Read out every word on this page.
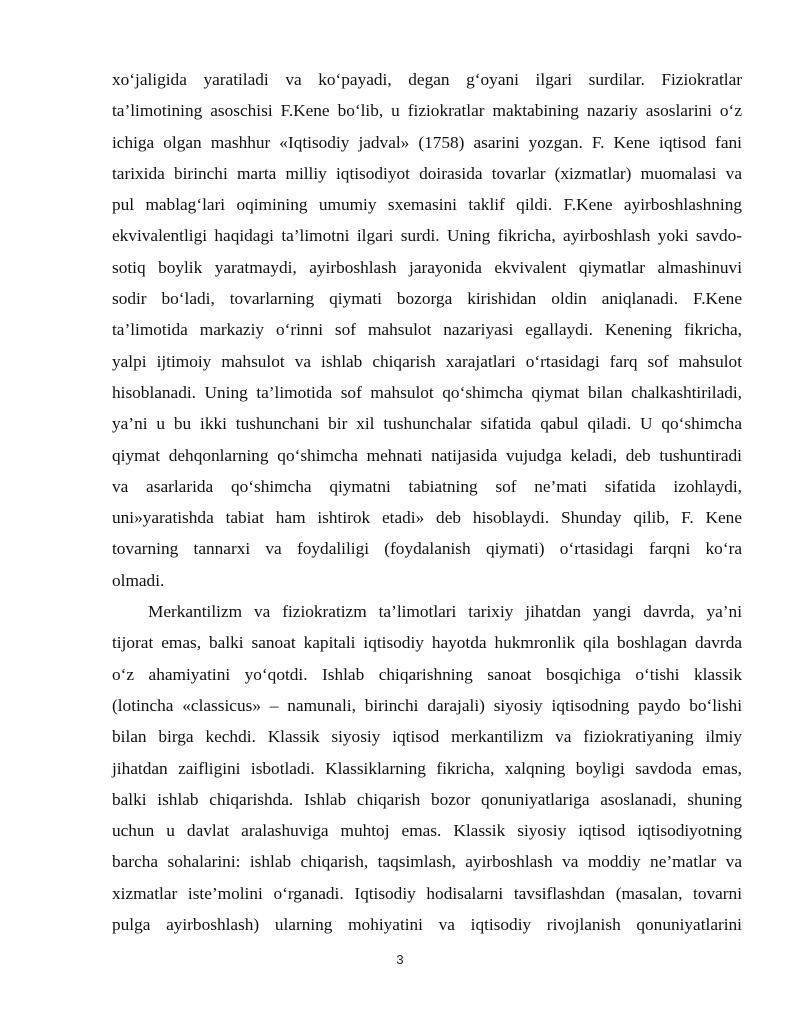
xo‘jaligida yaratiladi va ko‘payadi, degan g‘oyani ilgari surdilar. Fiziokratlar
ta’limotining asoschisi F.Kene bo‘lib, u fiziokratlar maktabining nazariy asoslarini o‘z
ichiga olgan mashhur «Iqtisodiy jadval» (1758) asarini yozgan. F. Kene iqtisod fani
tarixida birinchi marta milliy iqtisodiyot doirasida tovarlar (xizmatlar) muomalasi va
pul mablag‘lari oqimining umumiy sxemasini taklif qildi. F.Kene ayirboshlashning
ekvivalentligi haqidagi ta’limotni ilgari surdi. Uning fikricha, ayirboshlash yoki savdo-
sotiq boylik yaratmaydi, ayirboshlash jarayonida ekvivalent qiymatlar almashinuvi
sodir bo‘ladi, tovarlarning qiymati bozorga kirishidan oldin aniqlanadi. F.Kene
ta’limotida markaziy o‘rinni sof mahsulot nazariyasi egallaydi. Kenening fikricha,
yalpi ijtimoiy mahsulot va ishlab chiqarish xarajatlari o‘rtasidagi farq sof mahsulot
hisoblanadi. Uning ta’limotida sof mahsulot qo‘shimcha qiymat bilan chalkashtiriladi,
ya’ni u bu ikki tushunchani bir xil tushunchalar sifatida qabul qiladi. U qo‘shimcha
qiymat dehqonlarning qo‘shimcha mehnati natijasida vujudga keladi, deb tushuntiradi
va asarlarida qo‘shimcha qiymatni tabiatning sof ne’mati sifatida izohlaydi,
uni»yaratishda tabiat ham ishtirok etadi» deb hisoblaydi. Shunday qilib, F. Kene
tovarning tannarxi va foydaliligi (foydalanish qiymati) o‘rtasidagi farqni ko‘ra
olmadi.
Merkantilizm va fiziokratizm ta’limotlari tarixiy jihatdan yangi davrda, ya’ni
tijorat emas, balki sanoat kapitali iqtisodiy hayotda hukmronlik qila boshlagan davrda
o‘z ahamiyatini yo‘qotdi. Ishlab chiqarishning sanoat bosqichiga o‘tishi klassik
(lotincha «classicus» – namunali, birinchi darajali) siyosiy iqtisodning paydo bo‘lishi
bilan birga kechdi. Klassik siyosiy iqtisod merkantilizm va fiziokratiyaning ilmiy
jihatdan zaifligini isbotladi. Klassiklarning fikricha, xalqning boyligi savdoda emas,
balki ishlab chiqarishda. Ishlab chiqarish bozor qonuniyatlariga asoslanadi, shuning
uchun u davlat aralashuviga muhtoj emas. Klassik siyosiy iqtisod iqtisodiyotning
barcha sohalarini: ishlab chiqarish, taqsimlash, ayirboshlash va moddiy ne’matlar va
xizmatlar iste’molini o‘rganadi. Iqtisodiy hodisalarni tavsiflashdan (masalan, tovarni
pulga ayirboshlash) ularning mohiyatini va iqtisodiy rivojlanish qonuniyatlarini
3
